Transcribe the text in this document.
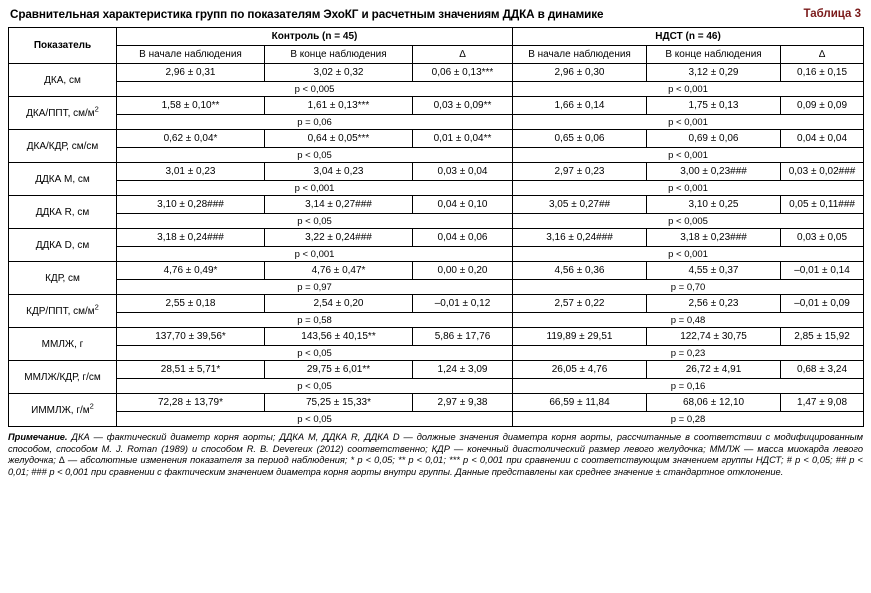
Таблица 3
Сравнительная характеристика групп по показателям ЭхоКГ и расчетным значениям ДДКА в динамике
Показатель	Контроль (n = 45)			НДСТ (n = 46)		
	В начале наблюдения	В конце наблюдения	∆	В начале наблюдения	В конце наблюдения	∆
ДКА, см	2,96 ± 0,31	3,02 ± 0,32	0,06 ± 0,13***	2,96 ± 0,30	3,12 ± 0,29	0,16 ± 0,15
	p < 0,005			p < 0,001		
ДКА/ППТ, $см/м^2$	1,58 ± 0,10**	1,61 ± 0,13***	0,03 ± 0,09**	1,66 ± 0,14	1,75 ± 0,13	0,09 ± 0,09
	p = 0,06			p < 0,001		
ДКА/КДР, см/см	0,62 ± 0,04*	0,64 ± 0,05***	0,01 ± 0,04**	0,65 ± 0,06	0,69 ± 0,06	0,04 ± 0,04
	p < 0,05			p < 0,001		
ДДКА М, см	3,01 ± 0,23	3,04 ± 0,23	0,03 ± 0,04	2,97 ± 0,23	3,00 ± 0,23###	0,03 ± 0,02###
	p < 0,001			p < 0,001		
ДДКА R, см	3,10 ± 0,28###	3,14 ± 0,27###	0,04 ± 0,10	3,05 ± 0,27##	3,10 ± 0,25	0,05 ± 0,11###
	p < 0,05			p < 0,005		
ДДКА D, см	3,18 ± 0,24###	3,22 ± 0,24###	0,04 ± 0,06	3,16 ± 0,24###	3,18 ± 0,23###	0,03 ± 0,05
	p < 0,001			p < 0,001		
КДР, см	4,76 ± 0,49*	4,76 ± 0,47*	0,00 ± 0,20	4,56 ± 0,36	4,55 ± 0,37	–0,01 ± 0,14
	p = 0,97			p = 0,70		
КДР/ППТ, $см/м^2$	2,55 ± 0,18	2,54 ± 0,20	–0,01 ± 0,12	2,57 ± 0,22	2,56 ± 0,23	–0,01 ± 0,09
	p = 0,58			p = 0,48		
ММЛЖ, г	137,70 ± 39,56*	143,56 ± 40,15**	5,86 ± 17,76	119,89 ± 29,51	122,74 ± 30,75	2,85 ± 15,92
	p < 0,05			p = 0,23		
ММЛЖ/КДР, г/см	28,51 ± 5,71*	29,75 ± 6,01**	1,24 ± 3,09	26,05 ± 4,76	26,72 ± 4,91	0,68 ± 3,24
	p < 0,05			p = 0,16		
ИММЛЖ, $г/м^2$	72,28 ± 13,79*	75,25 ± 15,33*	2,97 ± 9,38	66,59 ± 11,84	68,06 ± 12,10	1,47 ± 9,08
	p < 0,05			p = 0,28		
Примечание. ДКА — фактический диаметр корня аорты; ДДКА М, ДДКА R, ДДКА D — должные значения диаметра корня аорты, рассчитанные в соответствии с модифицированным способом, способом M. J. Roman (1989) и способом R. B. Devereux (2012) соответственно; КДР — конечный диастолический размер левого желудочка; ММЛЖ — масса миокарда левого желудочка; ∆ — абсолютные изменения показателя за период наблюдения; * p < 0,05; ** p < 0,01; *** p < 0,001 при сравнении с соответствующим значением группы НДСТ; # p < 0,05; ## p < 0,01; ### p < 0,001 при сравнении с фактическим значением диаметра корня аорты внутри группы. Данные представлены как среднее значение ± стандартное отклонение.
